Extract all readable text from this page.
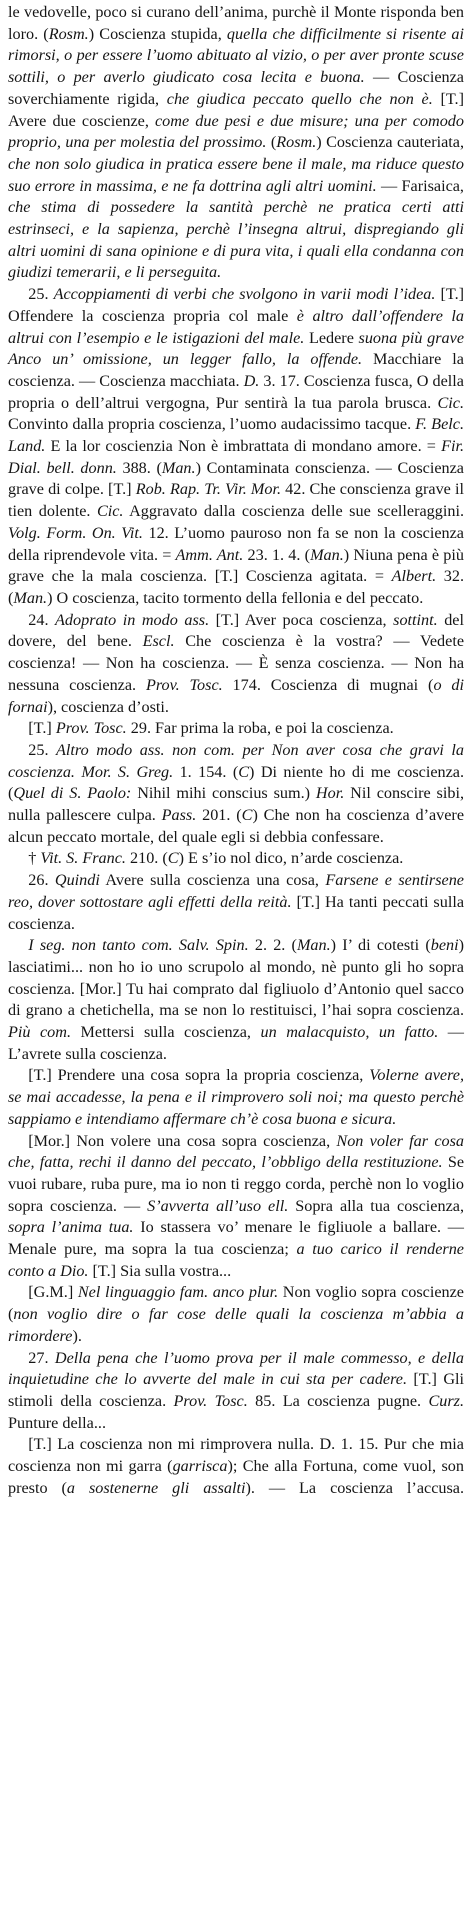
le vedovelle, poco si curano dell’anima, purchè il Monte risponda ben loro. (Rosm.) Coscienza stupida, quella che difficilmente si risente ai rimorsi, o per essere l’uomo abituato al vizio, o per aver pronte scuse sottili, o per averlo giudicato cosa lecita e buona. — Coscienza soverchiamente rigida, che giudica peccato quello che non è. [T.] Avere due coscienze, come due pesi e due misure; una per comodo proprio, una per molestia del prossimo. (Rosm.) Coscienza cauteriata, che non solo giudica in pratica essere bene il male, ma riduce questo suo errore in massima, e ne fa dottrina agli altri uomini. — Farisaica, che stima di possedere la santità perchè ne pratica certi atti estrinseci, e la sapienza, perchè l’insegna altrui, dispregiando gli altri uomini di sana opinione e di pura vita, i quali ella condanna con giudizi temerarii, e li perseguita.

25. Accoppiamenti di verbi che svolgono in varii modi l’idea. [T.] Offendere la coscienza propria col male è altro dall’offendere la altrui con l’esempio e le istigazioni del male. Ledere suona più grave Anco un’ omissione, un legger fallo, la offende. Macchiare la coscienza. — Coscienza macchiata. D. 3. 17. Coscienza fusca, O della propria o dell’altrui vergogna, Pur sentirà la tua parola brusca. Cic. Convinto dalla propria coscienza, l’uomo audacissimo tacque. F. Belc. Land. E la lor coscienzia Non è imbrattata di mondano amore. = Fir. Dial. bell. donn. 388. (Man.) Contaminata conscienza. — Coscienza grave di colpe. [T.] Rob. Rap. Tr. Vir. Mor. 42. Che conscienza grave il tien dolente. Cic. Aggravato dalla coscienza delle sue scelleraggini. Volg. Form. On. Vit. 12. L’uomo pauroso non fa se non la coscienza della riprendevole vita. = Amm. Ant. 23. 1. 4. (Man.) Niuna pena è più grave che la mala coscienza. [T.] Coscienza agitata. = Albert. 32. (Man.) O coscienza, tacito tormento della fellonia e del peccato.

24. Adoprato in modo ass. [T.] Aver poca coscienza, sottint. del dovere, del bene. Escl. Che coscienza è la vostra? — Vedete coscienza! — Non ha coscienza. — È senza coscienza. — Non ha nessuna coscienza. Prov. Tosc. 174. Coscienza di mugnai (o di fornai), coscienza d’osti.

[T.] Prov. Tosc. 29. Far prima la roba, e poi la coscienza.

25. Altro modo ass. non com. per Non aver cosa che gravi la coscienza. Mor. S. Greg. 1. 154. (C) Di niente ho di me coscienza. (Quel di S. Paolo: Nihil mihi conscius sum.) Hor. Nil conscire sibi, nulla pallescere culpa. Pass. 201. (C) Che non ha coscienza d’avere alcun peccato mortale, del quale egli si debbia confessare.

† Vit. S. Franc. 210. (C) E s’io nol dico, n’arde coscienza.

26. Quindi Avere sulla coscienza una cosa, Farsene e sentirsene reo, dover sottostare agli effetti della reità. [T.] Ha tanti peccati sulla coscienza.

I seg. non tanto com. Salv. Spin. 2. 2. (Man.) I’ di cotesti (beni) lasciatimi... non ho io uno scrupolo al mondo, nè punto gli ho sopra coscienza. [Mor.] Tu hai comprato dal figliuolo d’Antonio quel sacco di grano a chetichella, ma se non lo restituisci, l’hai sopra coscienza. Più com. Mettersi sulla coscienza, un malacquisto, un fatto. — L’avrete sulla coscienza.

[T.] Prendere una cosa sopra la propria coscienza, Volerne avere, se mai accadesse, la pena e il rimprovero soli noi; ma questo perchè sappiamo e intendiamo affermare ch’è cosa buona e sicura.

[Mor.] Non volere una cosa sopra coscienza, Non voler far cosa che, fatta, rechi il danno del peccato, l’obbligo della restituzione. Se vuoi rubare, ruba pure, ma io non ti reggo corda, perchè non lo voglio sopra coscienza. — S’avverta all’uso ell. Sopra alla tua coscienza, sopra l’anima tua. Io stassera vo’ menare le figliuole a ballare. — Menale pure, ma sopra la tua coscienza; a tuo carico il renderne conto a Dio. [T.] Sia sulla vostra...

[G.M.] Nel linguaggio fam. anco plur. Non voglio sopra coscienze (non voglio dire o far cose delle quali la coscienza m’abbia a rimordere).

27. Della pena che l’uomo prova per il male commesso, e della inquietudine che lo avverte del male in cui sta per cadere. [T.] Gli stimoli della coscienza. Prov. Tosc. 85. La coscienza pugne. Curz. Punture della...

[T.] La coscienza non mi rimprovera nulla. D. 1. 15. Pur che mia coscienza non mi garra (garrisca); Che alla Fortuna, come vuol, son presto (a sostenerne gli assalti). — La coscienza l’accusa.
